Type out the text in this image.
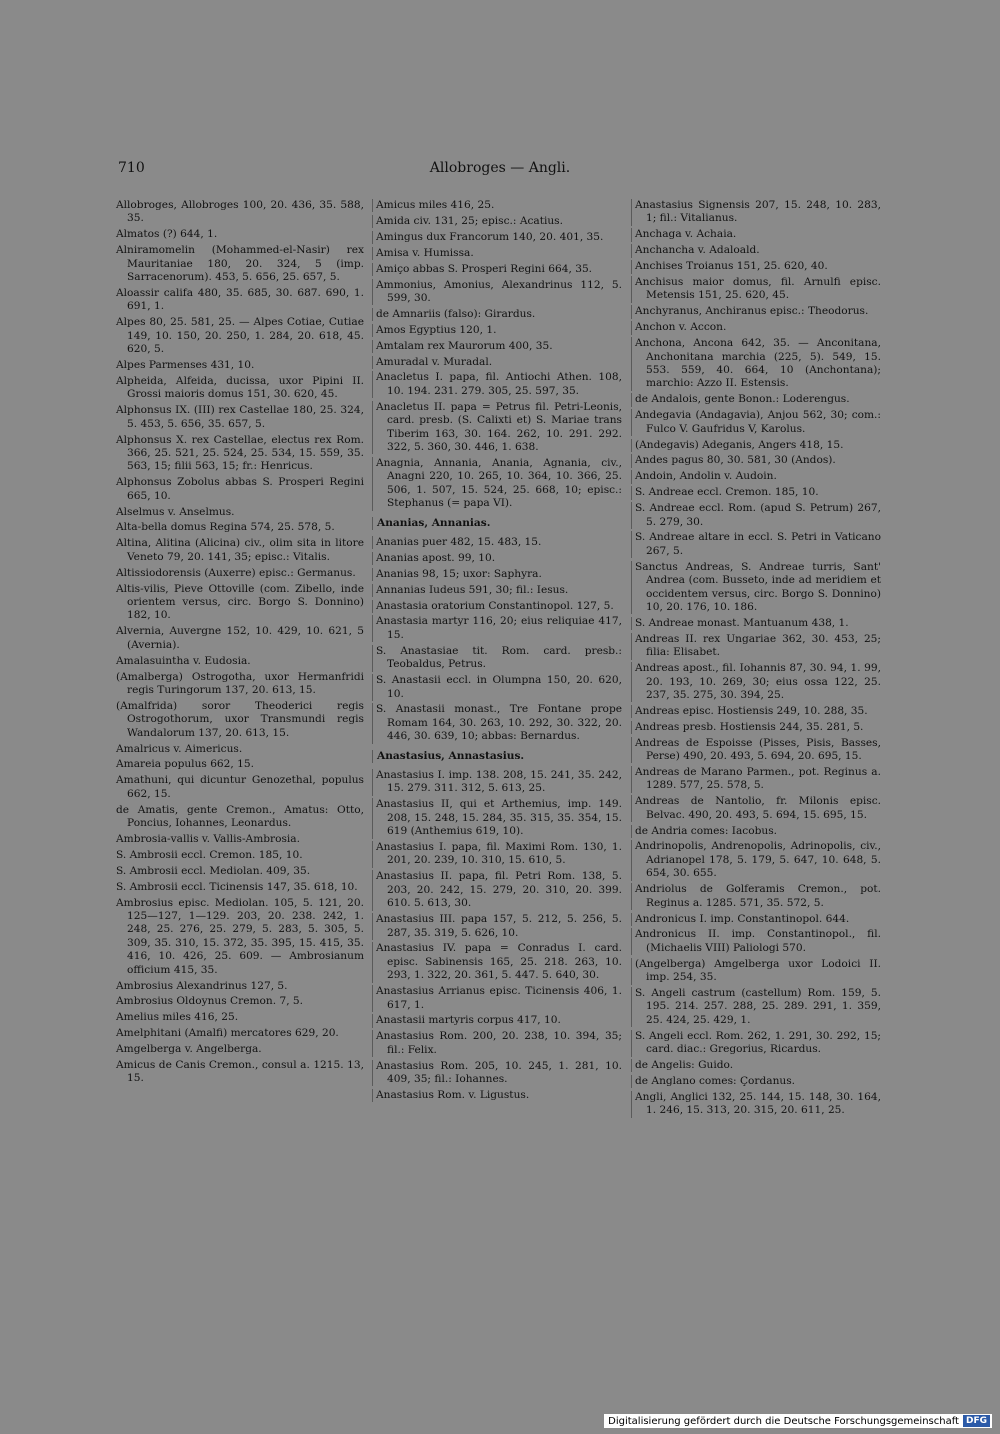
710	Allobroges — Angli.
Allobroges, Allobroges 100, 20. 436, 35. 588, 35.
Almatos (?) 644, 1.
Alniramomelin (Mohammed-el-Nasir) rex Mauritaniae 180, 20. 324, 5 (imp. Sarracenorum). 453, 5. 656, 25. 657, 5.
Aloassir califa 480, 35. 685, 30. 687. 690, 1. 691, 1.
Alpes 80, 25. 581, 25. — Alpes Cotiae, Cutiae 149, 10. 150, 20. 250, 1. 284, 20. 618, 45. 620, 5.
Alpes Parmenses 431, 10.
Alpheida, Alfeida, ducissa, uxor Pipini II. Grossi maioris domus 151, 30. 620, 45.
Alphonsus IX. (III) rex Castellae 180, 25. 324, 5. 453, 5. 656, 35. 657, 5.
Alphonsus X. rex Castellae, electus rex Rom. 366, 25. 521, 25. 524, 25. 534, 15. 559, 35. 563, 15; filii 563, 15; fr.: Henricus.
Alphonsus Zobolus abbas S. Prosperi Regini 665, 10.
Alselmus v. Anselmus.
Alta-bella domus Regina 574, 25. 578, 5.
Altina, Alitina (Alicina) civ., olim sita in litore Veneto 79, 20. 141, 35; episc.: Vitalis.
Altissiodorensis (Auxerre) episc.: Germanus.
Altis-vilis, Pieve Ottoville (com. Zibello, inde orientem versus, circ. Borgo S. Donnino) 182, 10.
Alvernia, Auvergne 152, 10. 429, 10. 621, 5 (Avernia).
Amalasuintha v. Eudosia.
(Amalberga) Ostrogotha, uxor Hermanfridi regis Turingorum 137, 20. 613, 15.
(Amalfrida) soror Theoderici regis Ostrogothorum, uxor Transmundi regis Wandalorum 137, 20. 613, 15.
Amalricus v. Aimericus.
Amareia populus 662, 15.
Amathuni, qui dicuntur Genozethal, populus 662, 15.
de Amatis, gente Cremon., Amatus: Otto, Poncius, Iohannes, Leonardus.
Ambrosia-vallis v. Vallis-Ambrosia.
S. Ambrosii eccl. Cremon. 185, 10.
S. Ambrosii eccl. Mediolan. 409, 35.
S. Ambrosii eccl. Ticinensis 147, 35. 618, 10.
Ambrosius episc. Mediolan. 105, 5. 121, 20. 125—127, 1—129. 203, 20. 238. 242, 1. 248, 25. 276, 25. 279, 5. 283, 5. 305, 5. 309, 35. 310, 15. 372, 35. 395, 15. 415, 35. 416, 10. 426, 25. 609. — Ambrosianum officium 415, 35.
Ambrosius Alexandrinus 127, 5.
Ambrosius Oldoynus Cremon. 7, 5.
Amelius miles 416, 25.
Amelphitani (Amalfi) mercatores 629, 20.
Amgelberga v. Angelberga.
Amicus de Canis Cremon., consul a. 1215. 13, 15.
Amicus miles 416, 25.
Amida civ. 131, 25; episc.: Acatius.
Amingus dux Francorum 140, 20. 401, 35.
Amisa v. Humissa.
Amiço abbas S. Prosperi Regini 664, 35.
Ammonius, Amonius, Alexandrinus 112, 5. 599, 30.
de Amnariis (falso): Girardus.
Amos Egyptius 120, 1.
Amtalam rex Maurorum 400, 35.
Amuradal v. Muradal.
Anacletus I. papa, fil. Antiochi Athen. 108, 10. 194. 231. 279. 305, 25. 597, 35.
Anacletus II. papa = Petrus fil. Petri-Leonis, card. presb. (S. Calixti et) S. Mariae trans Tiberim 163, 30. 164. 262, 10. 291. 292. 322, 5. 360, 30. 446, 1. 638.
Anagnia, Annania, Anania, Agnania, civ., Anagni 220, 10. 265, 10. 364, 10. 366, 25. 506, 1. 507, 15. 524, 25. 668, 10; episc.: Stephanus (= papa VI).
Ananias, Annanias.
Ananias puer 482, 15. 483, 15.
Ananias apost. 99, 10.
Ananias 98, 15; uxor: Saphyra.
Annanias Iudeus 591, 30; fil.: Iesus.
Anastasia oratorium Constantinopol. 127, 5.
Anastasia martyr 116, 20; eius reliquiae 417, 15.
S. Anastasiae tit. Rom. card. presb.: Teobaldus, Petrus.
S. Anastasii eccl. in Olumpna 150, 20. 620, 10.
S. Anastasii monast., Tre Fontane prope Romam 164, 30. 263, 10. 292, 30. 322, 20. 446, 30. 639, 10; abbas: Bernardus.
Anastasius, Annastasius.
Anastasius I. imp. 138. 208, 15. 241, 35. 242, 15. 279. 311. 312, 5. 613, 25.
Anastasius II, qui et Arthemius, imp. 149. 208, 15. 248, 15. 284, 35. 315, 35. 354, 15. 619 (Anthemius 619, 10).
Anastasius I. papa, fil. Maximi Rom. 130, 1. 201, 20. 239, 10. 310, 15. 610, 5.
Anastasius II. papa, fil. Petri Rom. 138, 5. 203, 20. 242, 15. 279, 20. 310, 20. 399. 610. 5. 613, 30.
Anastasius III. papa 157, 5. 212, 5. 256, 5. 287, 35. 319, 5. 626, 10.
Anastasius IV. papa = Conradus I. card. episc. Sabinensis 165, 25. 218. 263, 10. 293, 1. 322, 20. 361, 5. 447. 5. 640, 30.
Anastasius Arrianus episc. Ticinensis 406, 1. 617, 1.
Anastasii martyris corpus 417, 10.
Anastasius Rom. 200, 20. 238, 10. 394, 35; fil.: Felix.
Anastasius Rom. 205, 10. 245, 1. 281, 10. 409, 35; fil.: Iohannes.
Anastasius Rom. v. Ligustus.
Anastasius Signensis 207, 15. 248, 10. 283, 1; fil.: Vitalianus.
Anchaga v. Achaia.
Anchancha v. Adaloald.
Anchises Troianus 151, 25. 620, 40.
Anchisus maior domus, fil. Arnulfi episc. Metensis 151, 25. 620, 45.
Anchyranus, Anchiranus episc.: Theodorus.
Anchon v. Accon.
Anchona, Ancona 642, 35. — Anconitana, Anchonitana marchia (225, 5). 549, 15. 553. 559, 40. 664, 10 (Anchontana); marchio: Azzo II. Estensis.
de Andalois, gente Bonon.: Loderengus.
Andegavia (Andagavia), Anjou 562, 30; com.: Fulco V. Gaufridus V, Karolus.
(Andegavis) Adeganis, Angers 418, 15.
Andes pagus 80, 30. 581, 30 (Andos).
Andoin, Andolin v. Audoin.
S. Andreae eccl. Cremon. 185, 10.
S. Andreae eccl. Rom. (apud S. Petrum) 267, 5. 279, 30.
S. Andreae altare in eccl. S. Petri in Vaticano 267, 5.
Sanctus Andreas, S. Andreae turris, Sant' Andrea (com. Busseto, inde ad meridiem et occidentem versus, circ. Borgo S. Donnino) 10, 20. 176, 10. 186.
S. Andreae monast. Mantuanum 438, 1.
Andreas II. rex Ungariae 362, 30. 453, 25; filia: Elisabet.
Andreas apost., fil. Iohannis 87, 30. 94, 1. 99, 20. 193, 10. 269, 30; eius ossa 122, 25. 237, 35. 275, 30. 394, 25.
Andreas episc. Hostiensis 249, 10. 288, 35.
Andreas presb. Hostiensis 244, 35. 281, 5.
Andreas de Espoisse (Pisses, Pisis, Basses, Perse) 490, 20. 493, 5. 694, 20. 695, 15.
Andreas de Marano Parmen., pot. Reginus a. 1289. 577, 25. 578, 5.
Andreas de Nantolio, fr. Milonis episc. Belvac. 490, 20. 493, 5. 694, 15. 695, 15.
de Andria comes: Iacobus.
Andrinopolis, Andrenopolis, Adrinopolis, civ., Adrianopel 178, 5. 179, 5. 647, 10. 648, 5. 654, 30. 655.
Andriolus de Golferamis Cremon., pot. Reginus a. 1285. 571, 35. 572, 5.
Andronicus I. imp. Constantinopol. 644.
Andronicus II. imp. Constantinopol., fil. (Michaelis VIII) Paliologi 570.
(Angelberga) Amgelberga uxor Lodoici II. imp. 254, 35.
S. Angeli castrum (castellum) Rom. 159, 5. 195. 214. 257. 288, 25. 289. 291, 1. 359, 25. 424, 25. 429, 1.
S. Angeli eccl. Rom. 262, 1. 291, 30. 292, 15; card. diac.: Gregorius, Ricardus.
de Angelis: Guido.
de Anglano comes: Çordanus.
Angli, Anglici 132, 25. 144, 15. 148, 30. 164, 1. 246, 15. 313, 20. 315, 20. 611, 25.
Digitalisierung gefördert durch die Deutsche Forschungsgemeinschaft DFG
